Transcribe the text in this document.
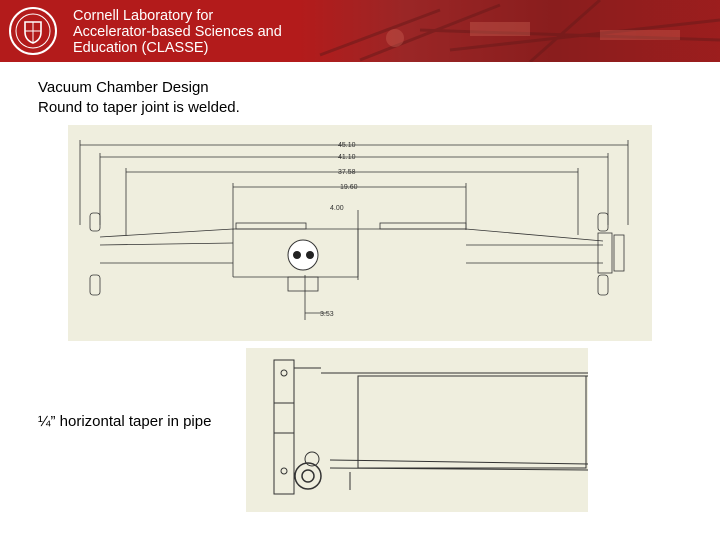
Cornell Laboratory for
Accelerator-based Sciences and
Education (CLASSE)
Vacuum Chamber Design
Round to taper joint is welded.
45.10
41.10
37.58
19.60
4.00
3.53
¼” horizontal taper in pipe
